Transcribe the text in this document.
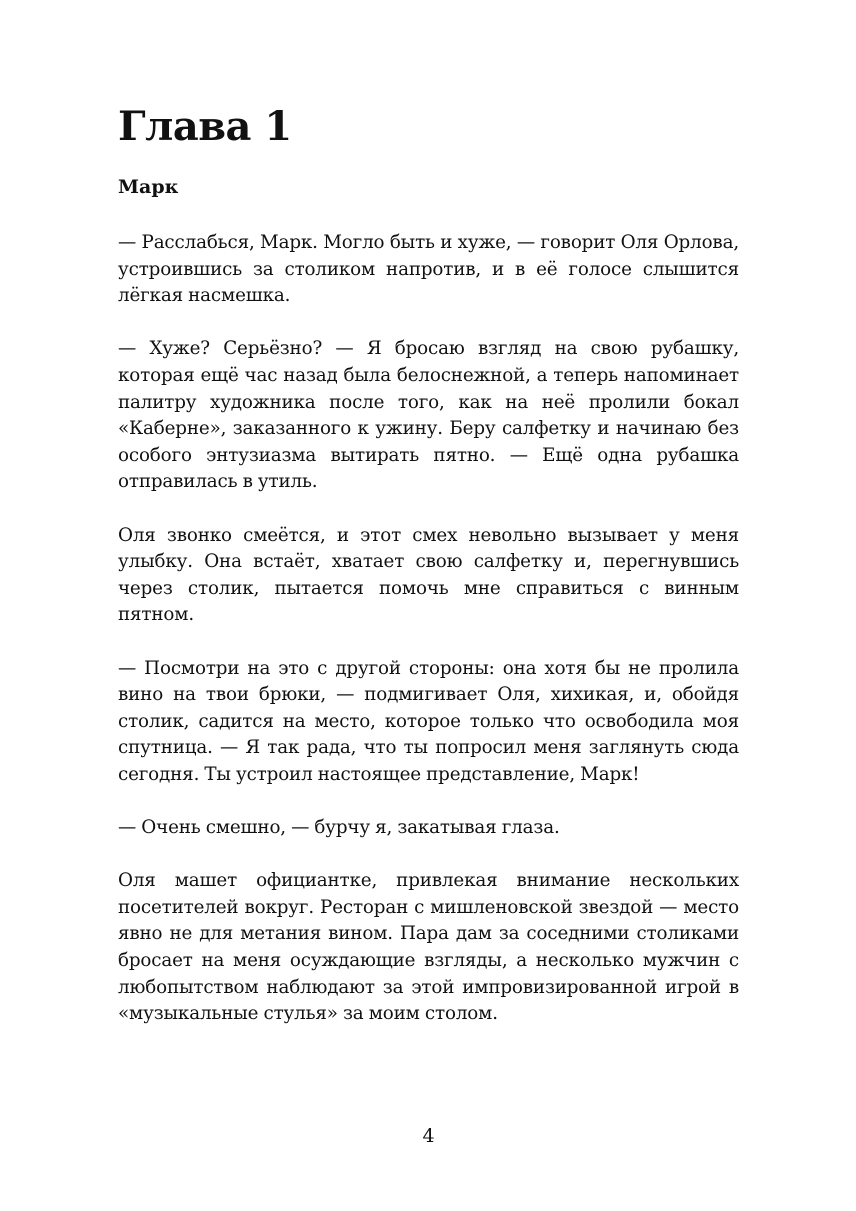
Глава 1
Марк

— Расслабься, Марк. Могло быть и хуже, — говорит Оля Орлова, устроившись за столиком напротив, и в её голосе слышится лёгкая насмешка.

— Хуже? Серьёзно? — Я бросаю взгляд на свою рубашку, которая ещё час назад была белоснежной, а теперь напоминает палитру художника после того, как на неё пролили бокал «Каберне», заказанного к ужину. Беру салфетку и начинаю без особого энтузиазма вытирать пятно. — Ещё одна рубашка отправилась в утиль.

Оля звонко смеётся, и этот смех невольно вызывает у меня улыбку. Она встаёт, хватает свою салфетку и, перегнувшись через столик, пытается помочь мне справиться с винным пятном.

— Посмотри на это с другой стороны: она хотя бы не пролила вино на твои брюки, — подмигивает Оля, хихикая, и, обойдя столик, садится на место, которое только что освободила моя спутница. — Я так рада, что ты попросил меня заглянуть сюда сегодня. Ты устроил настоящее представление, Марк!

— Очень смешно, — бурчу я, закатывая глаза.

Оля машет официантке, привлекая внимание нескольких посетителей вокруг. Ресторан с мишленовской звездой — место явно не для метания вином. Пара дам за соседними столиками бросает на меня осуждающие взгляды, а несколько мужчин с любопытством наблюдают за этой импровизированной игрой в «музыкальные стулья» за моим столом.

4
